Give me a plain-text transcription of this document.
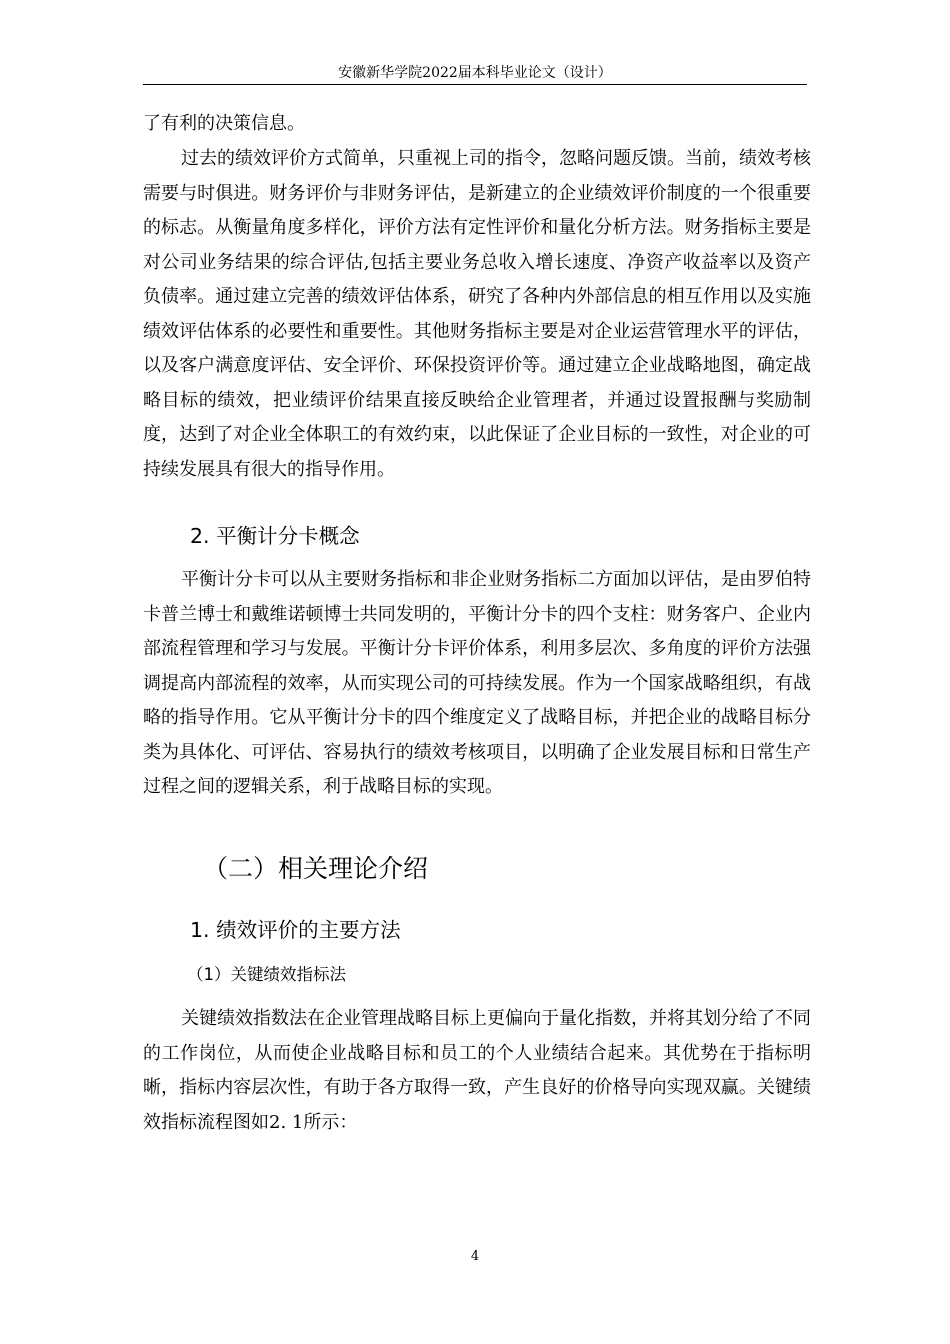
安徽新华学院2022届本科毕业论文（设计）

了有利的决策信息。

过去的绩效评价方式简单，只重视上司的指令，忽略问题反馈。当前，绩效考核需要与时俱进。财务评价与非财务评估，是新建立的企业绩效评价制度的一个很重要的标志。从衡量角度多样化，评价方法有定性评价和量化分析方法。财务指标主要是对公司业务结果的综合评估,包括主要业务总收入增长速度、净资产收益率以及资产负债率。通过建立完善的绩效评估体系，研究了各种内外部信息的相互作用以及实施绩效评估体系的必要性和重要性。其他财务指标主要是对企业运营管理水平的评估，以及客户满意度评估、安全评价、环保投资评价等。通过建立企业战略地图，确定战略目标的绩效，把业绩评价结果直接反映给企业管理者，并通过设置报酬与奖励制度，达到了对企业全体职工的有效约束，以此保证了企业目标的一致性，对企业的可持续发展具有很大的指导作用。

2. 平衡计分卡概念

平衡计分卡可以从主要财务指标和非企业财务指标二方面加以评估，是由罗伯特卡普兰博士和戴维诺顿博士共同发明的，平衡计分卡的四个支柱：财务客户、企业内部流程管理和学习与发展。平衡计分卡评价体系，利用多层次、多角度的评价方法强调提高内部流程的效率，从而实现公司的可持续发展。作为一个国家战略组织，有战略的指导作用。它从平衡计分卡的四个维度定义了战略目标，并把企业的战略目标分类为具体化、可评估、容易执行的绩效考核项目，以明确了企业发展目标和日常生产过程之间的逻辑关系，利于战略目标的实现。

（二）相关理论介绍
1. 绩效评价的主要方法
（1）关键绩效指标法

关键绩效指数法在企业管理战略目标上更偏向于量化指数，并将其划分给了不同的工作岗位，从而使企业战略目标和员工的个人业绩结合起来。其优势在于指标明晰，指标内容层次性，有助于各方取得一致，产生良好的价格导向实现双赢。关键绩效指标流程图如2. 1所示：

4
